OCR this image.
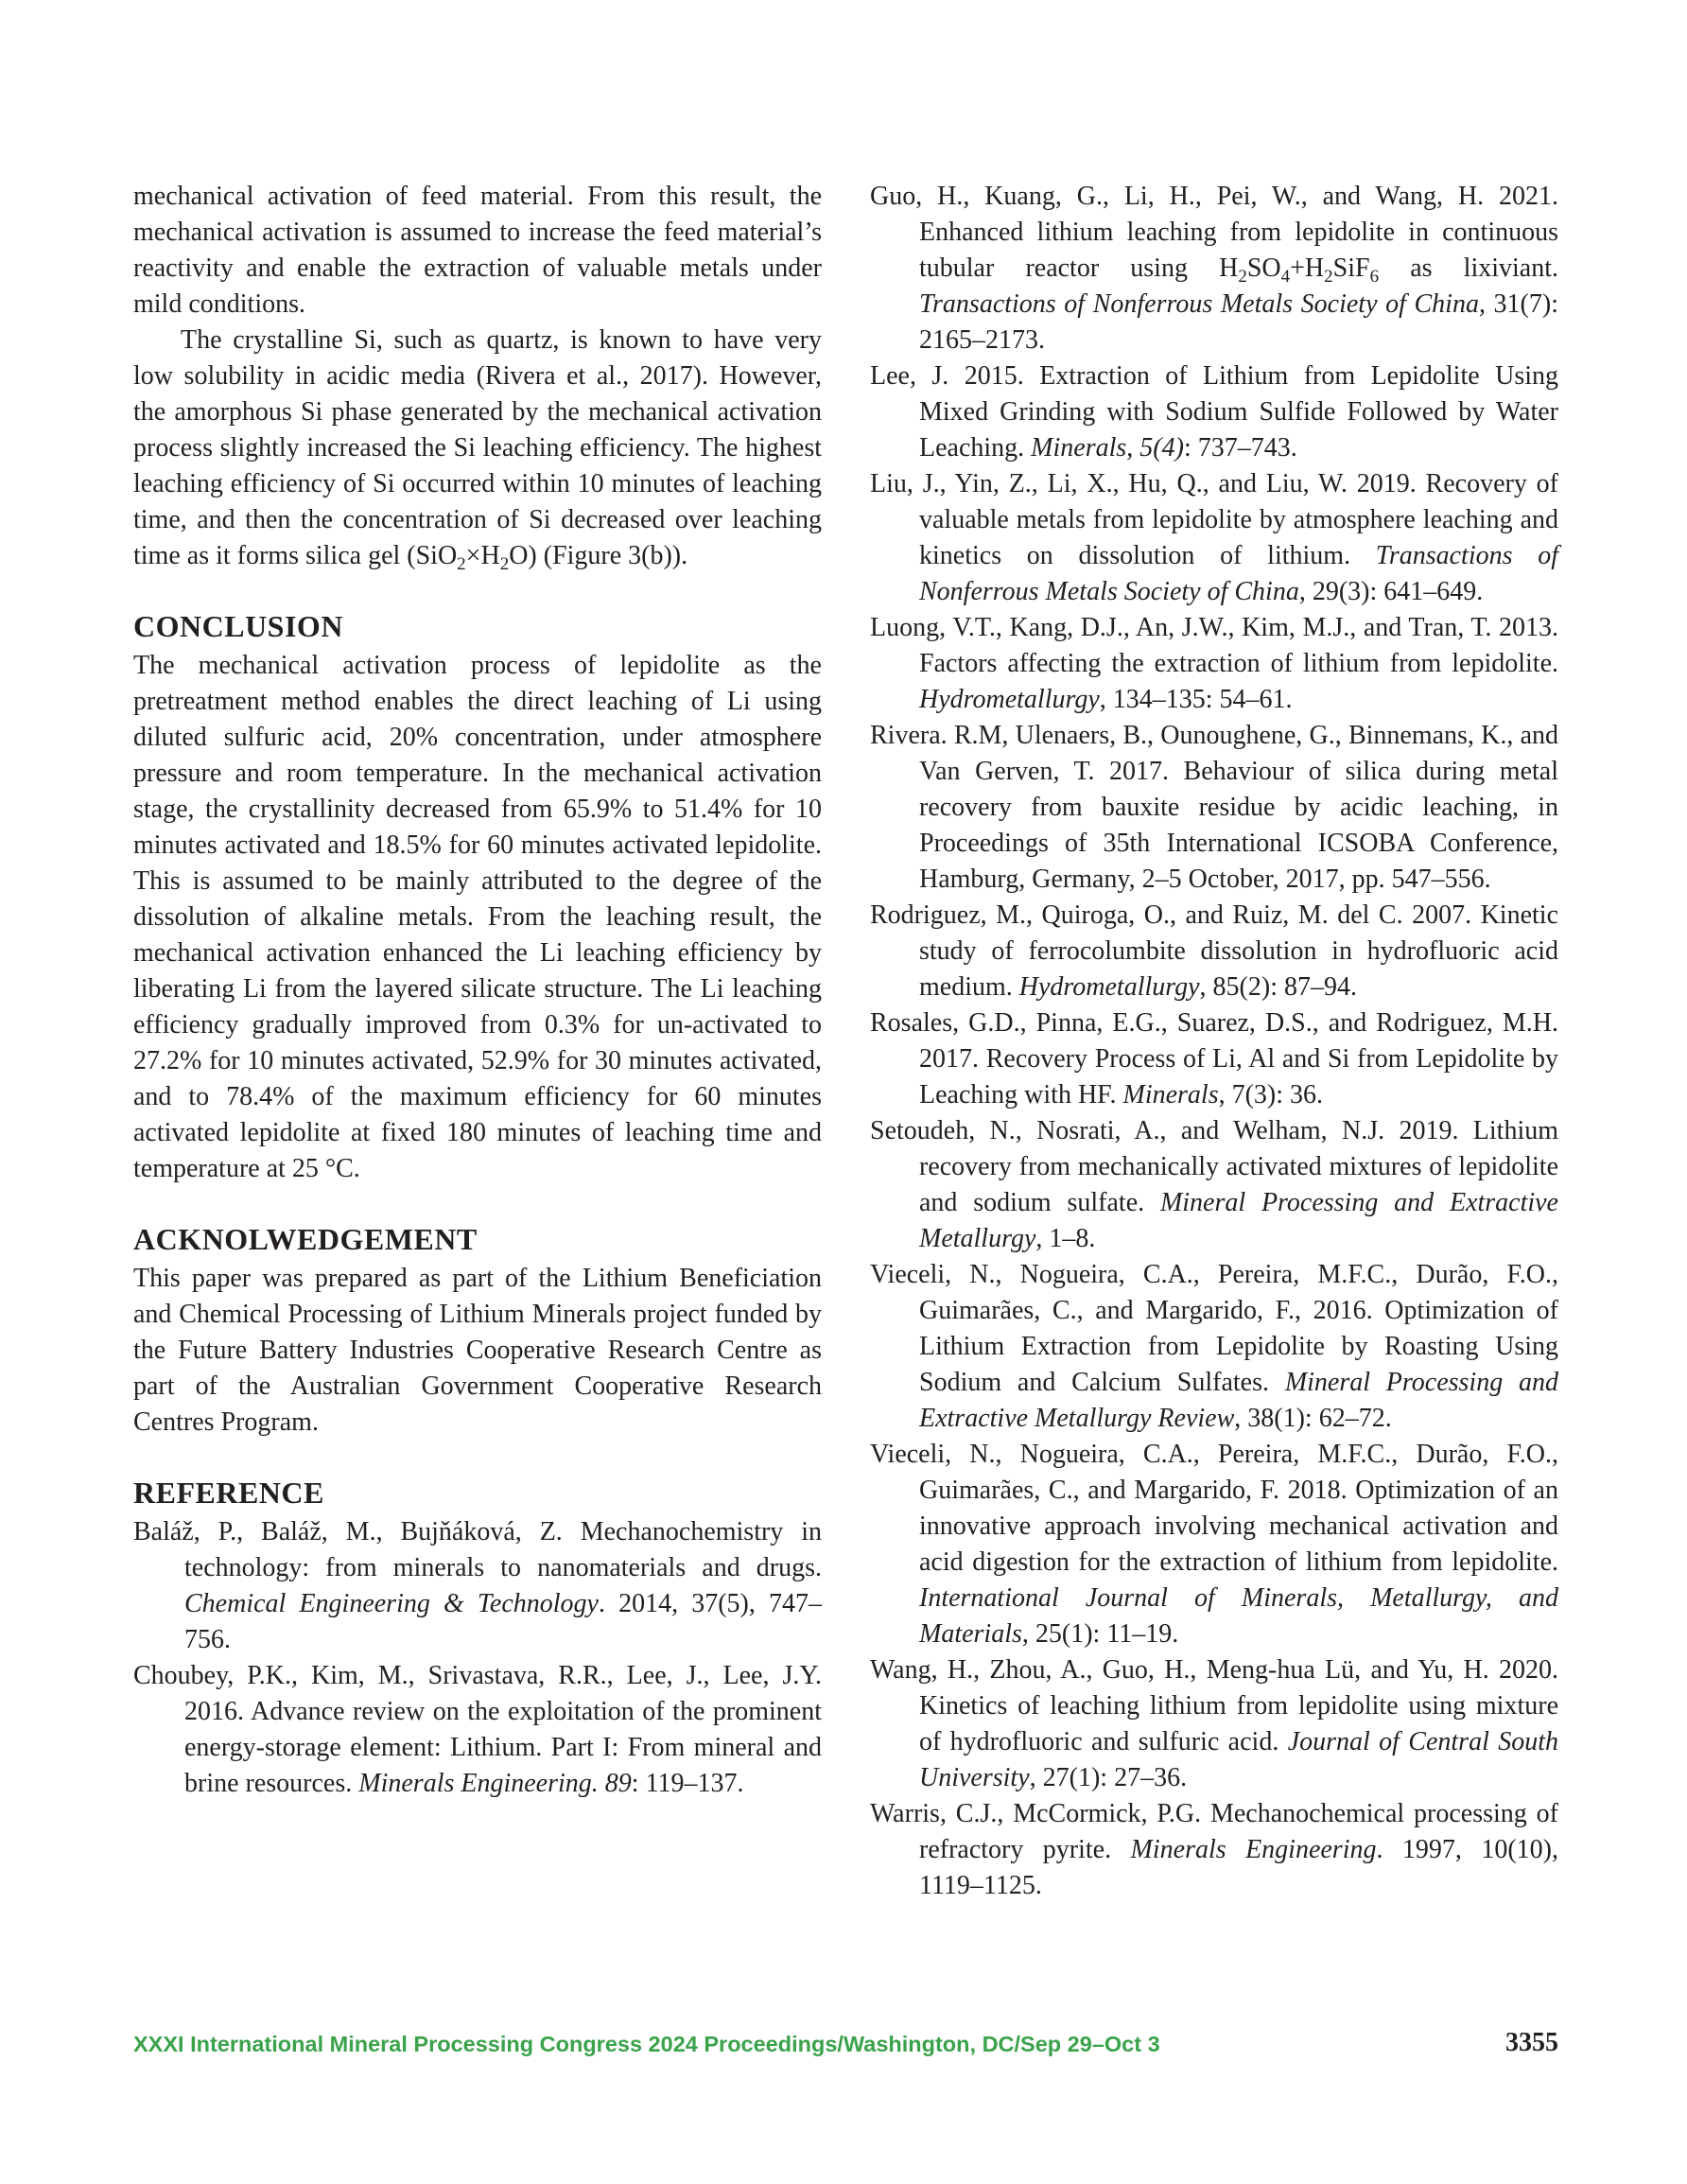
mechanical activation of feed material. From this result, the mechanical activation is assumed to increase the feed material’s reactivity and enable the extraction of valuable metals under mild conditions.

The crystalline Si, such as quartz, is known to have very low solubility in acidic media (Rivera et al., 2017). However, the amorphous Si phase generated by the mechanical activation process slightly increased the Si leaching efficiency. The highest leaching efficiency of Si occurred within 10 minutes of leaching time, and then the concentration of Si decreased over leaching time as it forms silica gel $(SiO_2\times H_2O)$ (Figure 3(b)).

CONCLUSION

The mechanical activation process of lepidolite as the pretreatment method enables the direct leaching of Li using diluted sulfuric acid, 20% concentration, under atmosphere pressure and room temperature. In the mechanical activation stage, the crystallinity decreased from 65.9% to 51.4% for 10 minutes activated and 18.5% for 60 minutes activated lepidolite. This is assumed to be mainly attributed to the degree of the dissolution of alkaline metals. From the leaching result, the mechanical activation enhanced the Li leaching efficiency by liberating Li from the layered silicate structure. The Li leaching efficiency gradually improved from 0.3% for un-activated to 27.2% for 10 minutes activated, 52.9% for 30 minutes activated, and to 78.4% of the maximum efficiency for 60 minutes activated lepidolite at fixed 180 minutes of leaching time and temperature at 25 °C.

ACKNOLWEDGEMENT

This paper was prepared as part of the Lithium Beneficiation and Chemical Processing of Lithium Minerals project funded by the Future Battery Industries Cooperative Research Centre as part of the Australian Government Cooperative Research Centres Program.

REFERENCE

Baláž, P., Baláž, M., Bujňáková, Z. Mechanochemistry in technology: from minerals to nanomaterials and drugs. Chemical Engineering & Technology. 2014, 37(5), 747–756.

Choubey, P.K., Kim, M., Srivastava, R.R., Lee, J., Lee, J.Y. 2016. Advance review on the exploitation of the prominent energy-storage element: Lithium. Part I: From mineral and brine resources. Minerals Engineering. 89: 119–137.

Guo, H., Kuang, G., Li, H., Pei, W., and Wang, H. 2021. Enhanced lithium leaching from lepidolite in continuous tubular reactor using $H_2SO_4+H_2SiF_6$ as lixiviant. Transactions of Nonferrous Metals Society of China, 31(7): 2165–2173.

Lee, J. 2015. Extraction of Lithium from Lepidolite Using Mixed Grinding with Sodium Sulfide Followed by Water Leaching. Minerals, 5(4): 737–743.

Liu, J., Yin, Z., Li, X., Hu, Q., and Liu, W. 2019. Recovery of valuable metals from lepidolite by atmosphere leaching and kinetics on dissolution of lithium. Transactions of Nonferrous Metals Society of China, 29(3): 641–649.

Luong, V.T., Kang, D.J., An, J.W., Kim, M.J., and Tran, T. 2013. Factors affecting the extraction of lithium from lepidolite. Hydrometallurgy, 134–135: 54–61.

Rivera. R.M, Ulenaers, B., Ounoughene, G., Binnemans, K., and Van Gerven, T. 2017. Behaviour of silica during metal recovery from bauxite residue by acidic leaching, in Proceedings of 35th International ICSOBA Conference, Hamburg, Germany, 2–5 October, 2017, pp. 547–556.

Rodriguez, M., Quiroga, O., and Ruiz, M. del C. 2007. Kinetic study of ferrocolumbite dissolution in hydrofluoric acid medium. Hydrometallurgy, 85(2): 87–94.

Rosales, G.D., Pinna, E.G., Suarez, D.S., and Rodriguez, M.H. 2017. Recovery Process of Li, Al and Si from Lepidolite by Leaching with HF. Minerals, 7(3): 36.

Setoudeh, N., Nosrati, A., and Welham, N.J. 2019. Lithium recovery from mechanically activated mixtures of lepidolite and sodium sulfate. Mineral Processing and Extractive Metallurgy, 1–8.

Vieceli, N., Nogueira, C.A., Pereira, M.F.C., Durão, F.O., Guimarães, C., and Margarido, F., 2016. Optimization of Lithium Extraction from Lepidolite by Roasting Using Sodium and Calcium Sulfates. Mineral Processing and Extractive Metallurgy Review, 38(1): 62–72.

Vieceli, N., Nogueira, C.A., Pereira, M.F.C., Durão, F.O., Guimarães, C., and Margarido, F. 2018. Optimization of an innovative approach involving mechanical activation and acid digestion for the extraction of lithium from lepidolite. International Journal of Minerals, Metallurgy, and Materials, 25(1): 11–19.

Wang, H., Zhou, A., Guo, H., Meng-hua Lü, and Yu, H. 2020. Kinetics of leaching lithium from lepidolite using mixture of hydrofluoric and sulfuric acid. Journal of Central South University, 27(1): 27–36.

Warris, C.J., McCormick, P.G. Mechanochemical processing of refractory pyrite. Minerals Engineering. 1997, 10(10), 1119–1125.

XXXI International Mineral Processing Congress 2024 Proceedings/Washington, DC/Sep 29–Oct 3	3355
